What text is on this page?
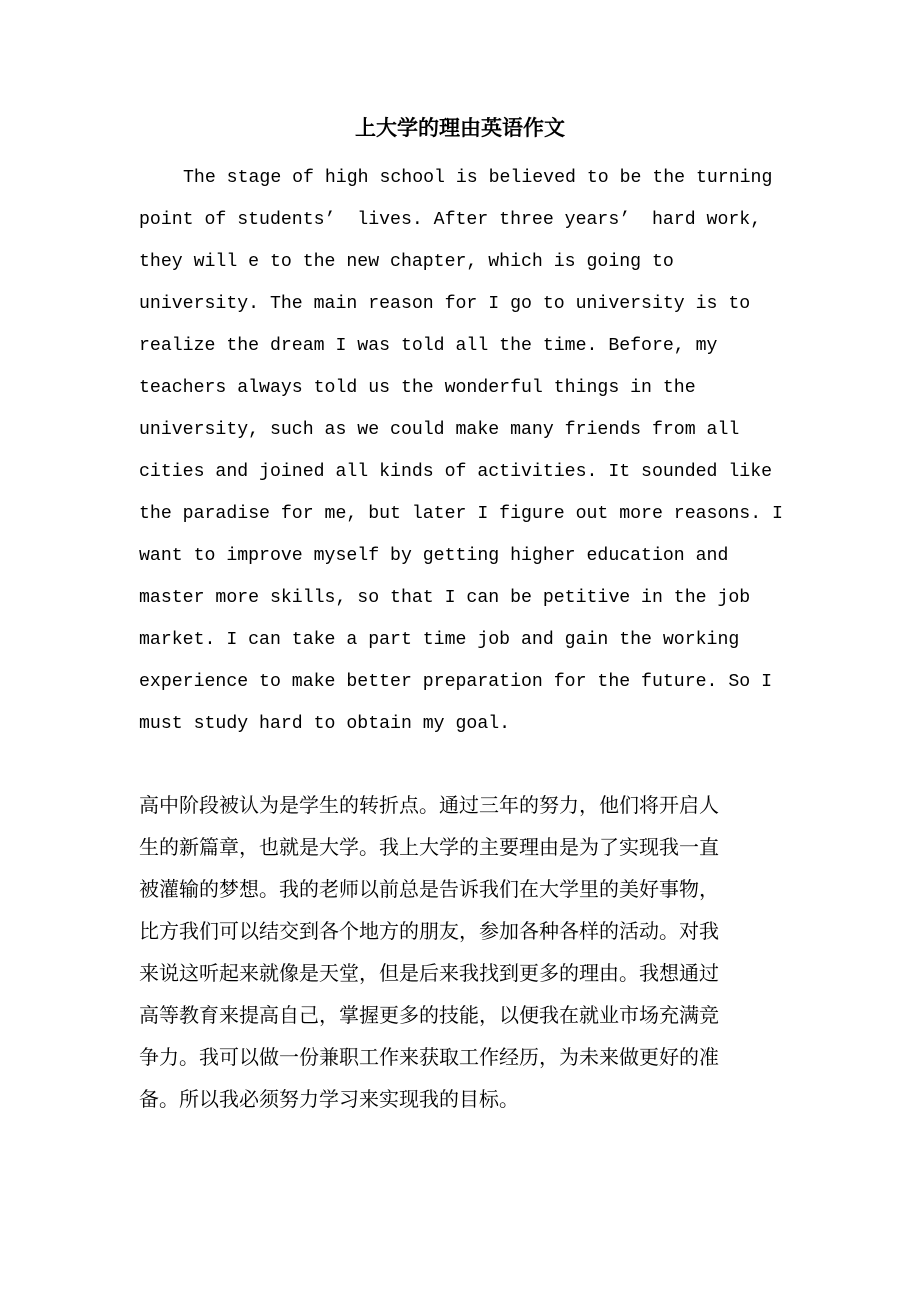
上大学的理由英语作文
The stage of high school is believed to be the turning
point of students’  lives. After three years’  hard work,
they will e to the new chapter, which is going to
university. The main reason for I go to university is to
realize the dream I was told all the time. Before, my
teachers always told us the wonderful things in the
university, such as we could make many friends from all
cities and joined all kinds of activities. It sounded like
the paradise for me, but later I figure out more reasons. I
want to improve myself by getting higher education and
master more skills, so that I can be petitive in the job
market. I can take a part time job and gain the working
experience to make better preparation for the future. So I
must study hard to obtain my goal.
高中阶段被认为是学生的转折点。通过三年的努力，他们将开启人
生的新篇章，也就是大学。我上大学的主要理由是为了实现我一直
被灌输的梦想。我的老师以前总是告诉我们在大学里的美好事物，
比方我们可以结交到各个地方的朋友，参加各种各样的活动。对我
来说这听起来就像是天堂，但是后来我找到更多的理由。我想通过
高等教育来提高自己，掌握更多的技能，以便我在就业市场充满竞
争力。我可以做一份兼职工作来获取工作经历，为未来做更好的准
备。所以我必须努力学习来实现我的目标。
